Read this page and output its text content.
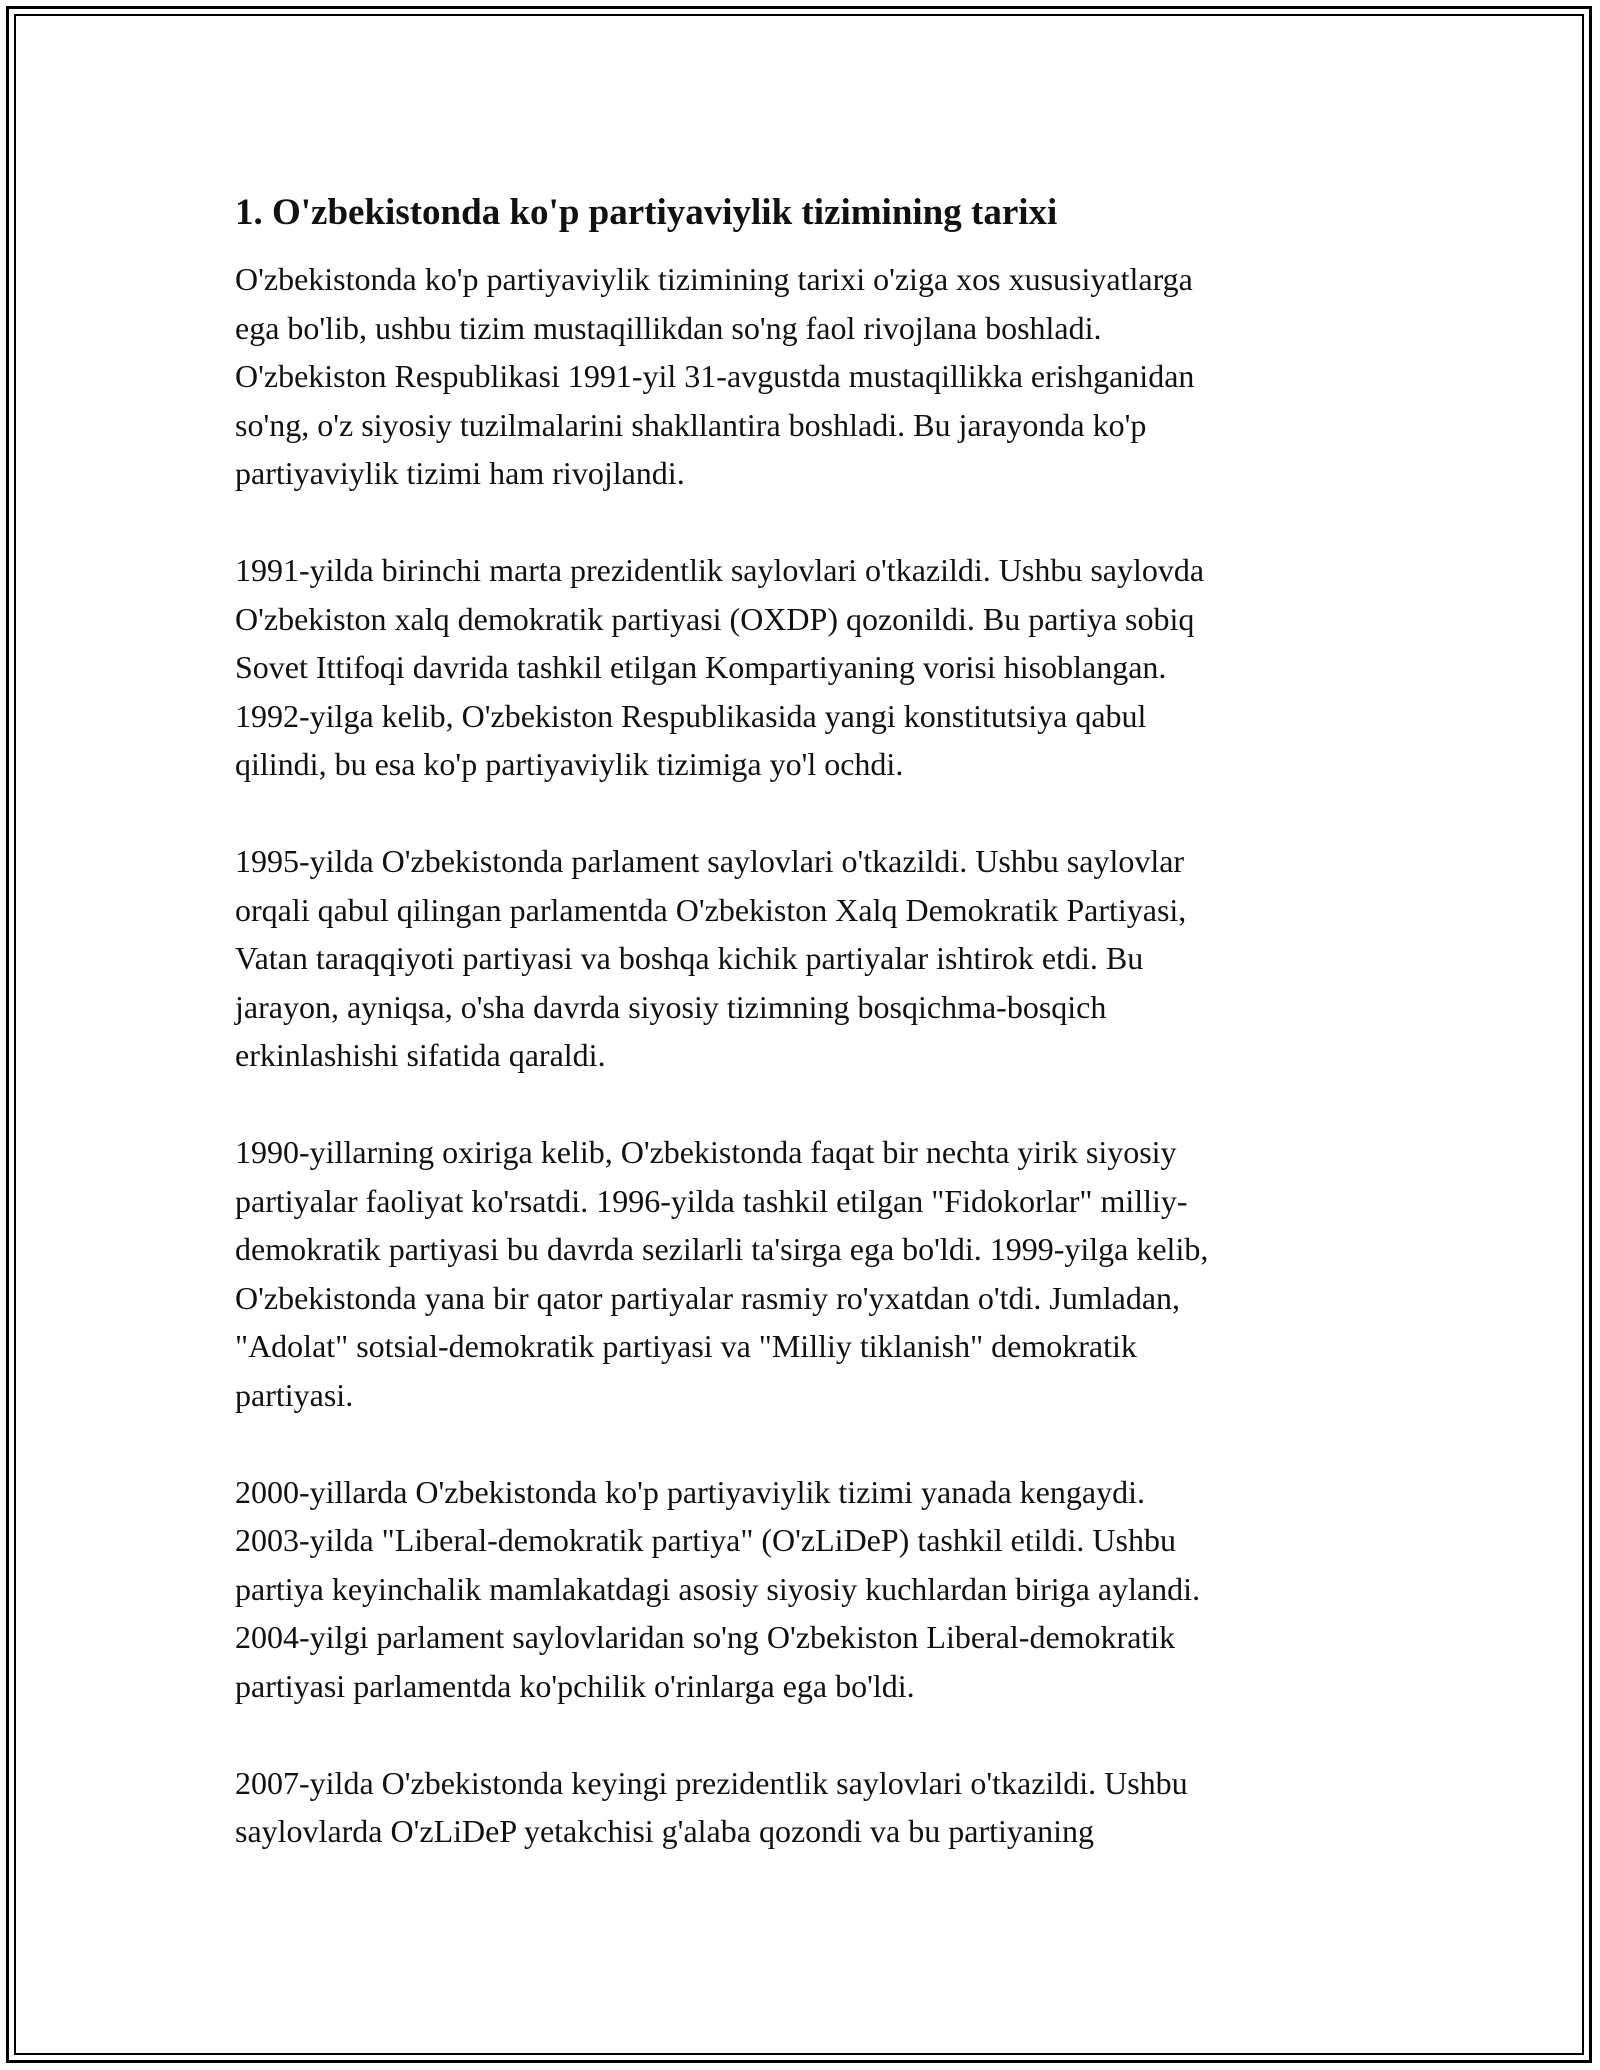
1. O'zbekistonda ko'p partiyaviylik tizimining tarixi

O'zbekistonda ko'p partiyaviylik tizimining tarixi o'ziga xos xususiyatlarga
ega bo'lib, ushbu tizim mustaqillikdan so'ng faol rivojlana boshladi.
O'zbekiston Respublikasi 1991-yil 31-avgustda mustaqillikka erishganidan
so'ng, o'z siyosiy tuzilmalarini shakllantira boshladi. Bu jarayonda ko'p
partiyaviylik tizimi ham rivojlandi.

1991-yilda birinchi marta prezidentlik saylovlari o'tkazildi. Ushbu saylovda
O'zbekiston xalq demokratik partiyasi (OXDP) qozonildi. Bu partiya sobiq
Sovet Ittifoqi davrida tashkil etilgan Kompartiyaning vorisi hisoblangan.
1992-yilga kelib, O'zbekiston Respublikasida yangi konstitutsiya qabul
qilindi, bu esa ko'p partiyaviylik tizimiga yo'l ochdi.

1995-yilda O'zbekistonda parlament saylovlari o'tkazildi. Ushbu saylovlar
orqali qabul qilingan parlamentda O'zbekiston Xalq Demokratik Partiyasi,
Vatan taraqqiyoti partiyasi va boshqa kichik partiyalar ishtirok etdi. Bu
jarayon, ayniqsa, o'sha davrda siyosiy tizimning bosqichma-bosqich
erkinlashishi sifatida qaraldi.

1990-yillarning oxiriga kelib, O'zbekistonda faqat bir nechta yirik siyosiy
partiyalar faoliyat ko'rsatdi. 1996-yilda tashkil etilgan "Fidokorlar" milliy-
demokratik partiyasi bu davrda sezilarli ta'sirga ega bo'ldi. 1999-yilga kelib,
O'zbekistonda yana bir qator partiyalar rasmiy ro'yxatdan o'tdi. Jumladan,
"Adolat" sotsial-demokratik partiyasi va "Milliy tiklanish" demokratik
partiyasi.

2000-yillarda O'zbekistonda ko'p partiyaviylik tizimi yanada kengaydi.
2003-yilda "Liberal-demokratik partiya" (O'zLiDeP) tashkil etildi. Ushbu
partiya keyinchalik mamlakatdagi asosiy siyosiy kuchlardan biriga aylandi.
2004-yilgi parlament saylovlaridan so'ng O'zbekiston Liberal-demokratik
partiyasi parlamentda ko'pchilik o'rinlarga ega bo'ldi.

2007-yilda O'zbekistonda keyingi prezidentlik saylovlari o'tkazildi. Ushbu
saylovlarda O'zLiDeP yetakchisi g'alaba qozondi va bu partiyaning
